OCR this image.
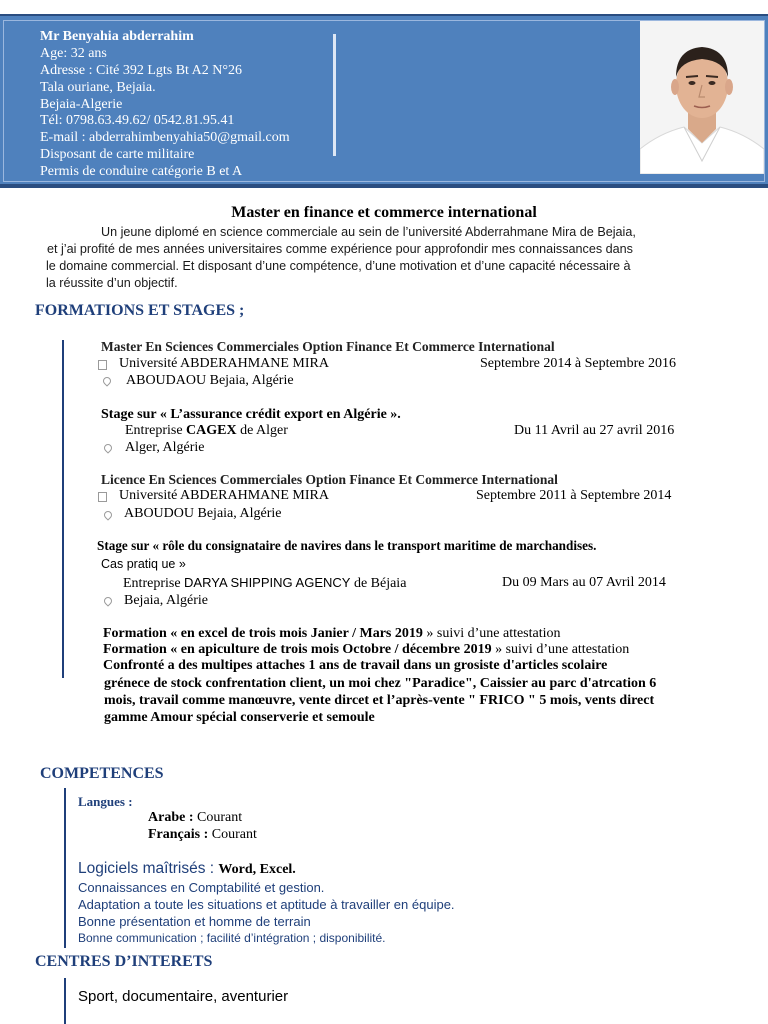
Mr Benyahia abderrahim
Age: 32 ans
Adresse : Cité 392 Lgts Bt A2 N°26
Tala ouriane, Bejaia.
Bejaia-Algerie
Tél: 0798.63.49.62/ 0542.81.95.41
E-mail : abderrahimbenyahia50@gmail.com
Disposant de carte militaire
Permis de conduire catégorie B et A
Master en finance et commerce international
Un jeune diplomé en science commerciale au sein de l’université Abderrahmane Mira de Bejaia,
et j’ai profité de mes années universitaires comme expérience pour approfondir mes connaissances dans
le domaine commercial. Et disposant d’une compétence, d’une motivation et d’une capacité nécessaire à
la réussite d’un objectif.
FORMATIONS ET STAGES ;
Master En Sciences Commerciales Option Finance Et Commerce International
Université ABDERAHMANE MIRA	Septembre 2014 à Septembre 2016
ABOUDAOU Bejaia, Algérie
Stage sur « L’assurance crédit export en Algérie ».
Entreprise CAGEX de Alger	Du 11 Avril au 27 avril 2016
Alger, Algérie
Licence En Sciences Commerciales Option Finance Et Commerce International
Université ABDERAHMANE MIRA	Septembre 2011 à Septembre 2014
ABOUDOU Bejaia, Algérie
Stage sur « rôle du consignataire de navires dans le transport maritime de marchandises.
Cas pratiq ue »
Entreprise DARYA SHIPPING AGENCY de Béjaia	Du 09 Mars au 07 Avril 2014
Bejaia, Algérie
Formation « en excel de trois mois Janier / Mars 2019 » suivi d’une attestation
Formation « en apiculture de trois mois Octobre / décembre 2019 » suivi d’une attestation
Confronté a des multipes attaches 1 ans de travail dans un grosiste d'articles scolaire
grénece de stock confrentation client, un moi chez "Paradice", Caissier au parc d'atrcation 6
mois, travail comme manœuvre, vente dircet et l’après-vente " FRICO " 5 mois, vents direct
gamme Amour spécial conserverie et semoule
COMPETENCES
Langues :
Arabe : Courant
Français : Courant
Logiciels maîtrisés : Word, Excel.
Connaissances en Comptabilité et gestion.
Adaptation a toute les situations et aptitude à travailler en équipe.
Bonne présentation et homme de terrain
Bonne communication ; facilité d’intégration ; disponibilité.
CENTRES D’INTERETS
Sport, documentaire, aventurier
